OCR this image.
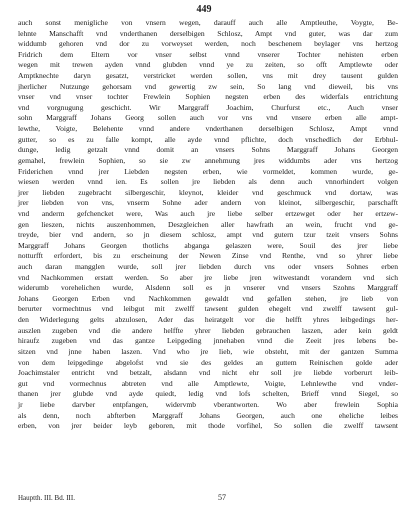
449
auch sonst menigliche von vnsern wegen, darauff auch alle Amptleuthe, Voygte, Be-
lehnte Manschafft vnd vnderthanen derselbigen Schlosz, Ampt vnd guter, was dar zum
widdumb gehoren vnd dor zu vorweyset werden, noch beschenem beylager vns hertzog
Fridrich dem Eltern vor vnser selbst vnnd vnserer Tochter nehisten erben
wegen mit trewen ayden vnnd glubden vnnd ye zu zeiten, so offt Amptlewte oder
Amptknechte daryn gesatzt, verstricket werden sollen, vns mit drey tausent gulden
jherlicher Nutzunge gehorsam vnd gewertig zw sein, So lang vnd dieweil, bis vns
vnser vnd vnser tochter Frewlein Sophien negsten erben des widerfals entrichtung
vnd vorgnugung geschicht. Wir Marggraff Joachim, Churfurst etc., Auch vnser
sohn Marggraff Johans Georg sollen auch vor vns vnd vnsere erben alle ampt-
lewthe, Voigte, Belehente vnnd andere vnderthanen derselbigen Schlosz, Ampt vnnd
gutter, so es zu falle kompt, alle ayde vnnd pflichte, doch vnschedlich der Erbhul-
dunge, ledig getzalt vnnd domit an vnsers Sohns Marggraff Johans Georgen
gemahel, frewlein Sophien, so sie zw annehmung jres widdumbs ader vns hertzog
Friderichen vnnd jrer Liebden negsten erben, wie vormeldet, kommen wurde, ge-
wiesen werden vnnd ien. Es sollen jre liebden als denn auch vnnorhindert volgen
jrer liebden zugebracht silbergeschir, kleynot, kleider vnd geschmuck vnd dortaw, was
jrer liebden von vns, vnserm Sohne ader andern von kleinot, silbergeschir, parschafft
vnd anderm gefchencket were, Was auch jre liebe selber ertzewget oder her ertzew-
gen lieszen, nichts auszenhommen, Deszgleichen aller hawfrath an wein, frucht vnd ge-
treyde, bier vnd andern, so jn diesem schlosz, ampt vnd gutern tzur tzeit vnsers Sohns
Marggraff Johans Georgen thotlichs abganga gelaszen were, Souil des jrer liebe
notturfft erfordert, bis zu erscheinung der Newen Zinse vnd Renthe, vnd so yhrer liebe
auch daran mangglen wurde, soll jrer liebden durch vns oder vnsers Sohnes erben
vnd Nachkommen erstatt werden. So aber jre liebe jren witwestandt vorandern vnd sich
widerumb vorehelichen wurde, Alsdenn soll es jn vnserer vnd vnsers Szohns Marggraff
Johans Georgen Erben vnd Nachkommen gewaldt vnd gefallen stehen, jre lieb von
berurter vormechtnus vnd leibgut mit zwelff tawsent gulden ehegelt vnd zwelff tawsent gul-
den Widerlegung gelts abzulosen, Ader das heiratgelt vor die helfft yhres leibgedings her-
auszlen zugeben vnd die andere helffte yhrer liebden gebrauchen laszen, ader kein geldt
hiraufz zugeben vnd das gantze Leipgeding jnnehaben vnnd die Zeeit jres lebens be-
sitzen vnd jnne haben laszen. Vnd who jre lieb, wie obsteht, mit der gantzen Summa
von dem leipgedinge abgelofst vnd sie des geldes an guttem Reinischen golde ader
Joachimstaler entricht vnd betzalt, alsdann vnd nicht ehr soll jre liebde vorberurt leib-
gut vnd vormechnus abtreten vnd alle Amptlewte, Voigte, Lehnlewthe vnd vnder-
thanen jrer glubde vnd ayde quiedt, ledig vnd lofs schelten, Brieff vnnd Siegel, so
jr liebe darvber entpfangen, widervmb vberantworten. Wo aber frewlein Sophia
als denn, noch abfterben Marggraff Johans Georgen, auch one eheliche leibes
erben, von jrer beider leyb geboren, mit thode vorfihel, So sollen die zwelff tawsent
Hauptth. III. Bd. III.	57
